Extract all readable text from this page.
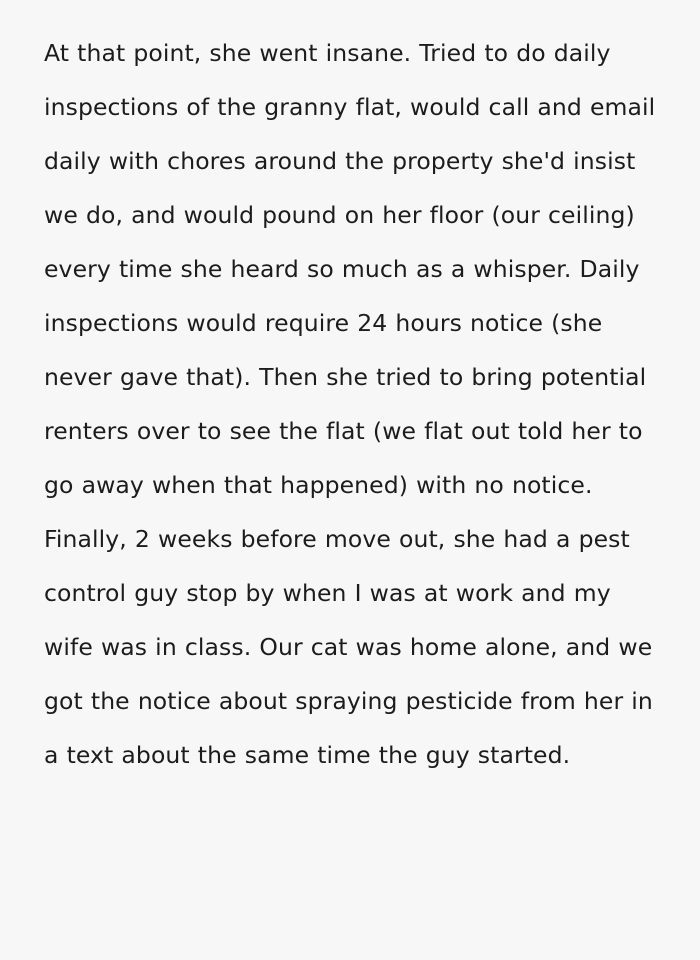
At that point, she went insane. Tried to do daily inspections of the granny flat, would call and email daily with chores around the property she'd insist we do, and would pound on her floor (our ceiling) every time she heard so much as a whisper. Daily inspections would require 24 hours notice (she never gave that). Then she tried to bring potential renters over to see the flat (we flat out told her to go away when that happened) with no notice. Finally, 2 weeks before move out, she had a pest control guy stop by when I was at work and my wife was in class. Our cat was home alone, and we got the notice about spraying pesticide from her in a text about the same time the guy started.
